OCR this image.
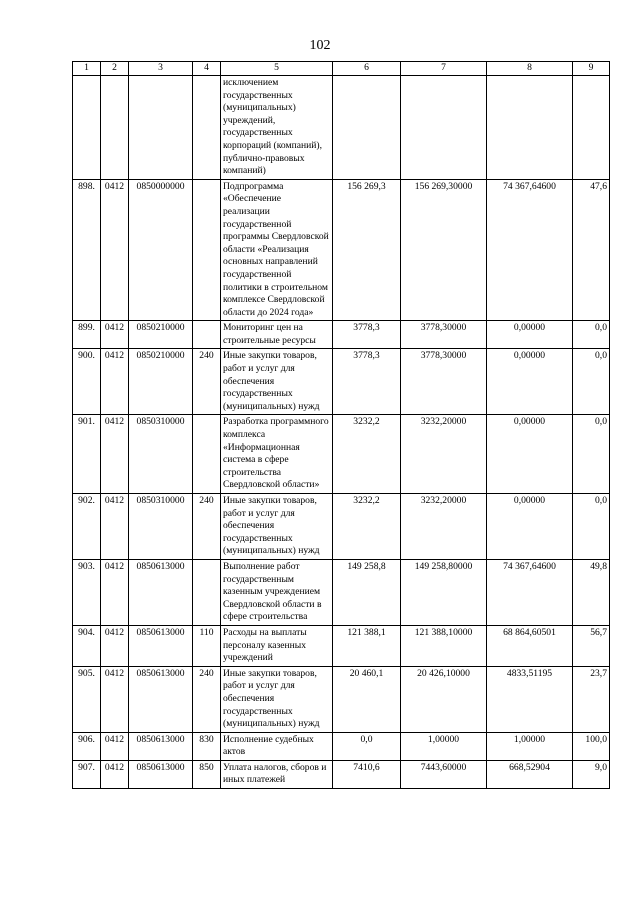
102
1	2	3	4	5	6	7	8	9
				исключением государственных (муниципальных) учреждений, государственных корпораций (компаний), публично-правовых компаний)				
898.	0412	0850000000		Подпрограмма «Обеспечение реализации государственной программы Свердловской области «Реализация основных направлений государственной политики в строительном комплексе Свердловской области до 2024 года»	156 269,3	156 269,30000	74 367,64600	47,6
899.	0412	0850210000		Мониторинг цен на строительные ресурсы	3778,3	3778,30000	0,00000	0,0
900.	0412	0850210000	240	Иные закупки товаров, работ и услуг для обеспечения государственных (муниципальных) нужд	3778,3	3778,30000	0,00000	0,0
901.	0412	0850310000		Разработка программного комплекса «Информационная система в сфере строительства Свердловской области»	3232,2	3232,20000	0,00000	0,0
902.	0412	0850310000	240	Иные закупки товаров, работ и услуг для обеспечения государственных (муниципальных) нужд	3232,2	3232,20000	0,00000	0,0
903.	0412	0850613000		Выполнение работ государственным казенным учреждением Свердловской области в сфере строительства	149 258,8	149 258,80000	74 367,64600	49,8
904.	0412	0850613000	110	Расходы на выплаты персоналу казенных учреждений	121 388,1	121 388,10000	68 864,60501	56,7
905.	0412	0850613000	240	Иные закупки товаров, работ и услуг для обеспечения государственных (муниципальных) нужд	20 460,1	20 426,10000	4833,51195	23,7
906.	0412	0850613000	830	Исполнение судебных актов	0,0	1,00000	1,00000	100,0
907.	0412	0850613000	850	Уплата налогов, сборов и иных платежей	7410,6	7443,60000	668,52904	9,0
